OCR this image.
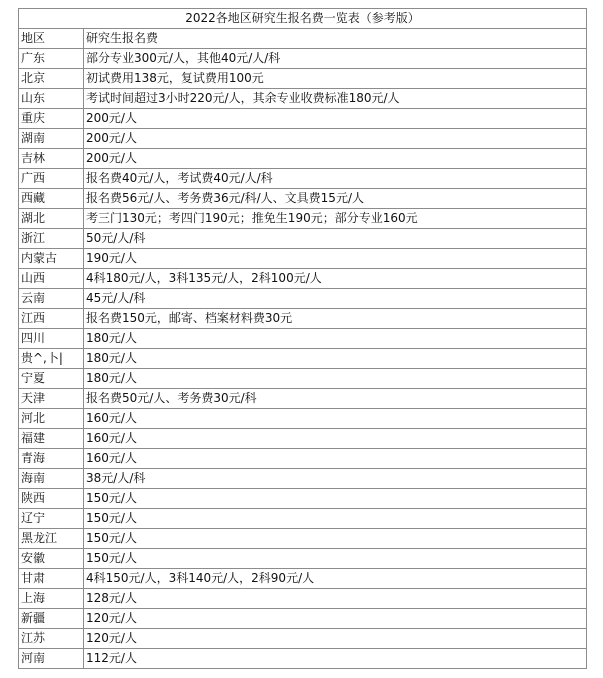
2022各地区研究生报名费一览表（参考版）	
地区	研究生报名费
广东	部分专业300元/人，其他40元/人/科
北京	初试费用138元，复试费用100元
山东	考试时间超过3小时220元/人，其余专业收费标准180元/人
重庆	200元/人
湖南	200元/人
吉林	200元/人
广西	报名费40元/人，考试费40元/人/科
西藏	报名费56元/人、考务费36元/科/人、文具费15元/人
湖北	考三门130元；考四门190元；推免生190元；部分专业160元
浙江	50元/人/科
内蒙古	190元/人
山西	4科180元/人，3科135元/人，2科100元/人
云南	45元/人/科
江西	报名费150元，邮寄、档案材料费30元
四川	180元/人
贵^,卜|	180元/人
宁夏	180元/人
天津	报名费50元/人、考务费30元/科
河北	160元/人
福建	160元/人
青海	160元/人
海南	38元/人/科
陕西	150元/人
辽宁	150元/人
黑龙江	150元/人
安徽	150元/人
甘肃	4科150元/人，3科140元/人，2科90元/人
上海	128元/人
新疆	120元/人
江苏	120元/人
河南	112元/人
